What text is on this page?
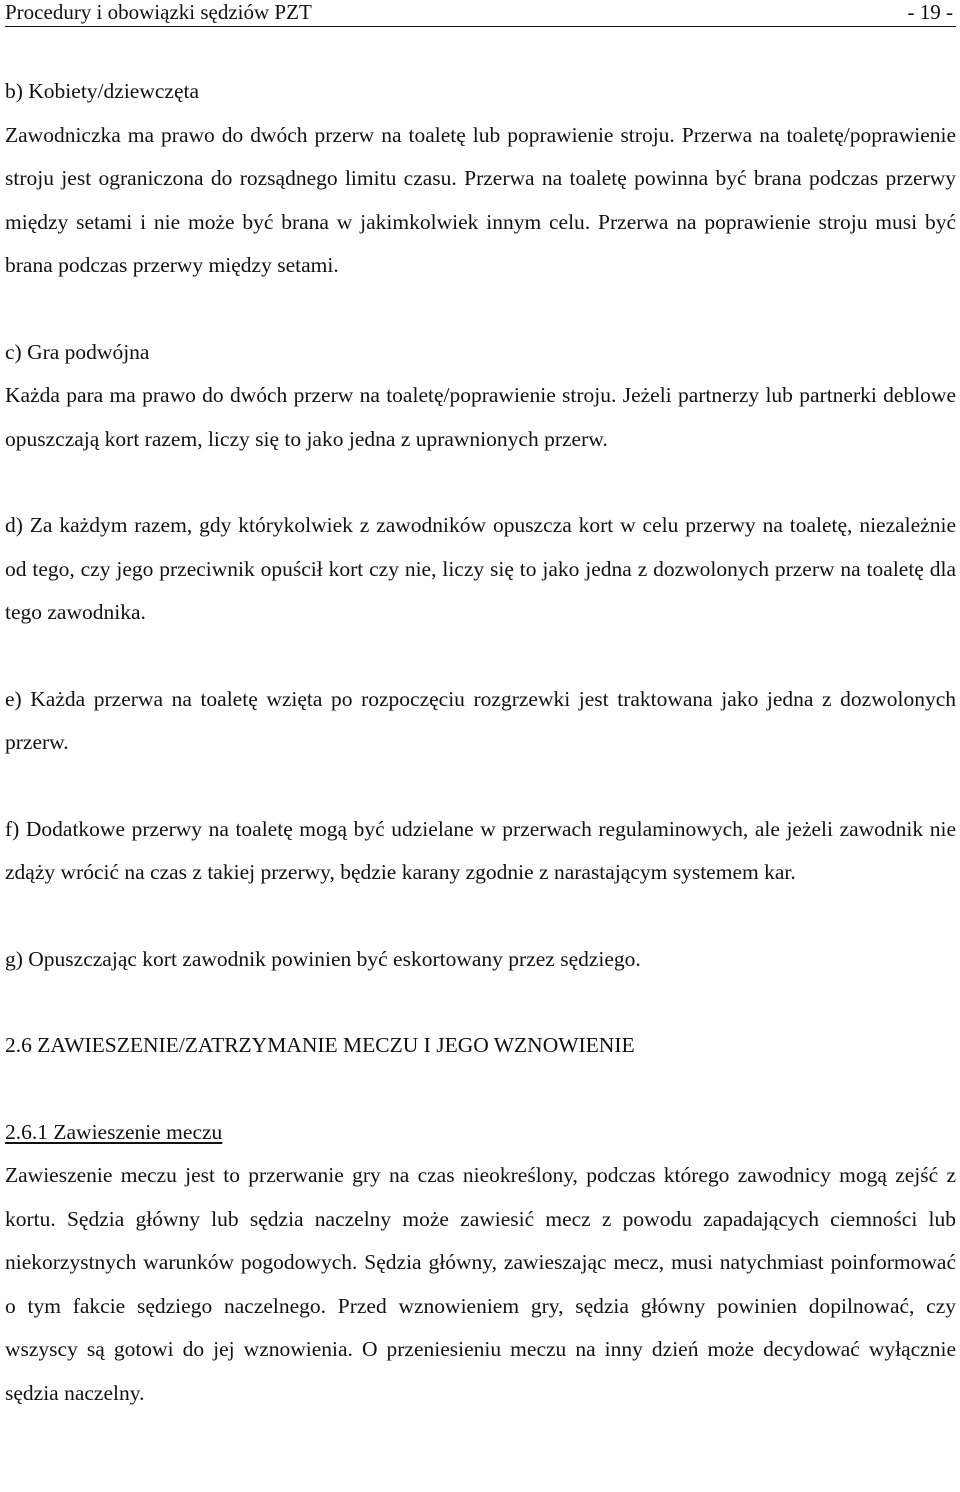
Procedury i obowiązki sędziów PZT	- 19 -

b) Kobiety/dziewczęta

Zawodniczka ma prawo do dwóch przerw na toaletę lub poprawienie stroju. Przerwa na toaletę/poprawienie stroju jest ograniczona do rozsądnego limitu czasu. Przerwa na toaletę powinna być brana podczas przerwy między setami i nie może być brana w jakimkolwiek innym celu. Przerwa na poprawienie stroju musi być brana podczas przerwy między setami.

c) Gra podwójna

Każda para ma prawo do dwóch przerw na toaletę/poprawienie stroju. Jeżeli partnerzy lub partnerki deblowe opuszczają kort razem, liczy się to jako jedna z uprawnionych przerw.

d) Za każdym razem, gdy którykolwiek z zawodników opuszcza kort w celu przerwy na toaletę, niezależnie od tego, czy jego przeciwnik opuścił kort czy nie, liczy się to jako jedna z dozwolonych przerw na toaletę dla tego zawodnika.

e) Każda przerwa na toaletę wzięta po rozpoczęciu rozgrzewki jest traktowana jako jedna z dozwolonych przerw.

f) Dodatkowe przerwy na toaletę mogą być udzielane w przerwach regulaminowych, ale jeżeli zawodnik nie zdąży wrócić na czas z takiej przerwy, będzie karany zgodnie z narastającym systemem kar.

g) Opuszczając kort zawodnik powinien być eskortowany przez sędziego.

2.6 ZAWIESZENIE/ZATRZYMANIE MECZU I JEGO WZNOWIENIE

2.6.1 Zawieszenie meczu

Zawieszenie meczu jest to przerwanie gry na czas nieokreślony, podczas którego zawodnicy mogą zejść z kortu. Sędzia główny lub sędzia naczelny może zawiesić mecz z powodu zapadających ciemności lub niekorzystnych warunków pogodowych. Sędzia główny, zawieszając mecz, musi natychmiast poinformować o tym fakcie sędziego naczelnego. Przed wznowieniem gry, sędzia główny powinien dopilnować, czy wszyscy są gotowi do jej wznowienia. O przeniesieniu meczu na inny dzień może decydować wyłącznie sędzia naczelny.
